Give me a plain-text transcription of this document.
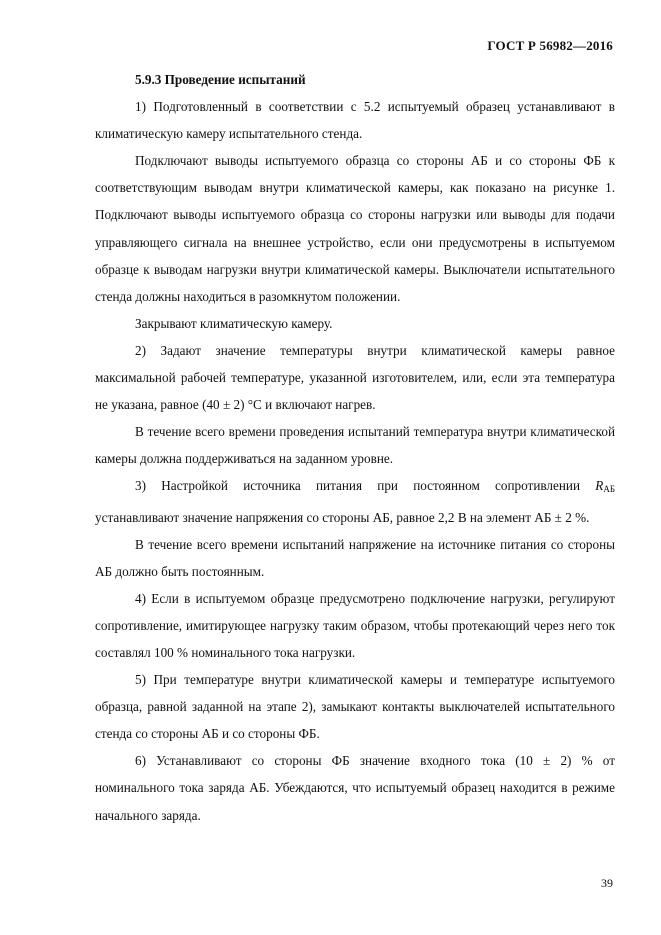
ГОСТ Р 56982—2016

5.9.3 Проведение испытаний

1) Подготовленный в соответствии с 5.2 испытуемый образец устанавливают в климатическую камеру испытательного стенда.

Подключают выводы испытуемого образца со стороны АБ и со стороны ФБ к соответствующим выводам внутри климатической камеры, как показано на рисунке 1. Подключают выводы испытуемого образца со стороны нагрузки или выводы для подачи управляющего сигнала на внешнее устройство, если они предусмотрены в испытуемом образце к выводам нагрузки внутри климатической камеры. Выключатели испытательного стенда должны находиться в разомкнутом положении.

Закрывают климатическую камеру.

2) Задают значение температуры внутри климатической камеры равное максимальной рабочей температуре, указанной изготовителем, или, если эта температура не указана, равное (40 ± 2) °С и включают нагрев.

В течение всего времени проведения испытаний температура внутри климатической камеры должна поддерживаться на заданном уровне.

3) Настройкой источника питания при постоянном сопротивлении $R_{АБ}$ устанавливают значение напряжения со стороны АБ, равное 2,2 В на элемент АБ ± 2 %.

В течение всего времени испытаний напряжение на источнике питания со стороны АБ должно быть постоянным.

4) Если в испытуемом образце предусмотрено подключение нагрузки, регулируют сопротивление, имитирующее нагрузку таким образом, чтобы протекающий через него ток составлял 100 % номинального тока нагрузки.

5) При температуре внутри климатической камеры и температуре испытуемого образца, равной заданной на этапе 2), замыкают контакты выключателей испытательного стенда со стороны АБ и со стороны ФБ.

6) Устанавливают со стороны ФБ значение входного тока (10 ± 2) % от номинального тока заряда АБ. Убеждаются, что испытуемый образец находится в режиме начального заряда.

39
